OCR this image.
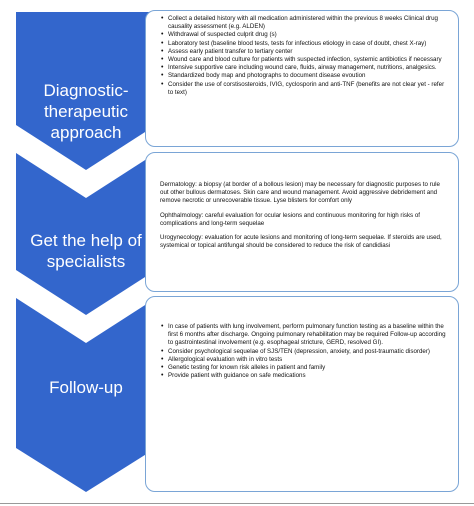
Diagnostic-therapeutic approach
Get the help of specialists
Follow-up
• Collect a detailed history with all medication administered within the previous 8 weeks Clinical drug causality assessment (e.g. ALDEN)
• Withdrawal of suspected culprit drug (s)
• Laboratory test (baseline blood tests, tests for infectious etiology in case of doubt, chest X-ray)
• Assess early patient transfer to tertiary center
• Wound care and blood culture for patients with suspected infection, systemic antibiotics if necessary
• Intensive supportive care including wound care, fluids, airway management, nutritions, analgesics.
• Standardized body map and photographs to document disease evoution
• Consider the use of corstisosteroids, IVIG, cyclosporin and anti-TNF (benefits are not clear yet - refer to text)

Dermatology: a biopsy (at border of a bollous lesion) may be necessary for diagnostic purposes to rule out other bullous dermatoses. Skin care and wound management. Avoid aggressive debridement and remove necrotic or unrecoverable tissue. Lyse blisters for comfort only

Ophthalmology: careful evaluation for ocular lesions and continuous monitoring for high risks of complications and long-term sequelae

Urogynecology: evaluation for acute lesions and monitoring of long-term sequelae. If steroids are used, systemical or topical antifungal should be considered to reduce the risk of candidiasi

• In case of patients with lung involvement, perform pulmonary function testing as a baseline within the first 6 months after discharge. Ongoing pulmonary rehabilitation may be required Follow-up according to gastrointestinal involvement (e.g. esophageal stricture, GERD, resolved GI).
• Consider psychological sequelae of SJS/TEN (depression, anxiety, and post-traumatic disorder)
• Allergological evaluation with in vitro tests
• Genetic testing for known risk alleles in patient and family
• Provide patient with guidance on safe medications
